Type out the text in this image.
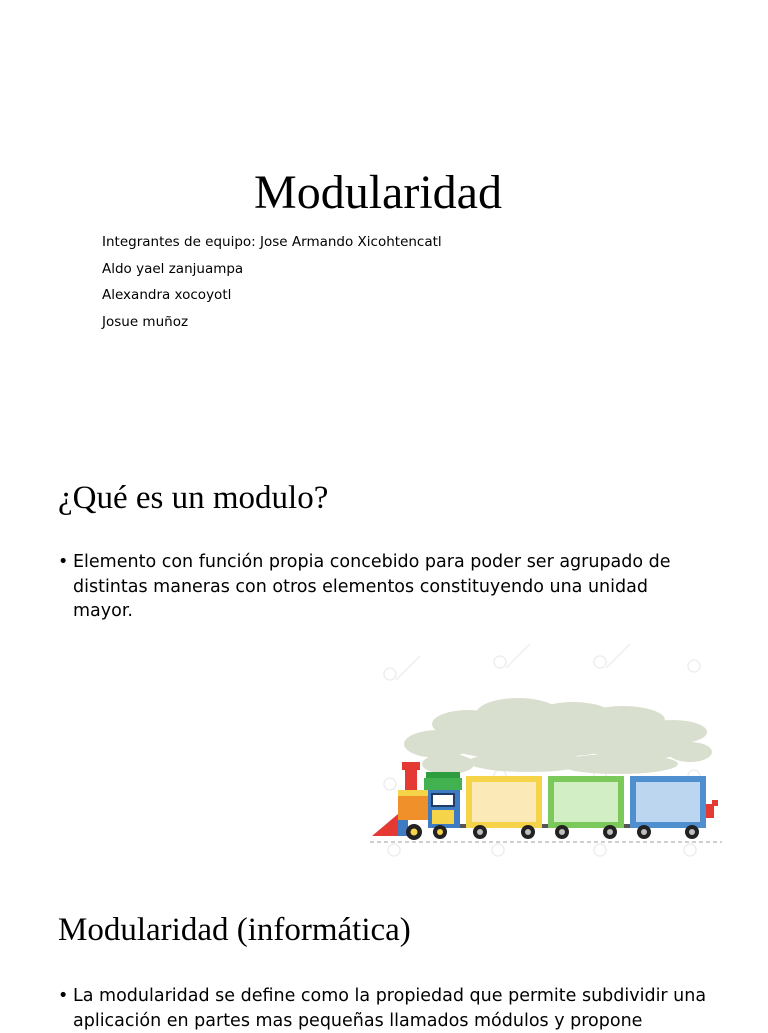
Modularidad
Integrantes de equipo: Jose Armando Xicohtencatl
Aldo yael zanjuampa
Alexandra xocoyotl
Josue muñoz
¿Qué es un modulo?
• Elemento con función propia concebido para poder ser agrupado de distintas maneras con otros elementos constituyendo una unidad mayor.
Modularidad (informática)
• La modularidad se define como la propiedad que permite subdividir una aplicación en partes mas pequeñas llamados módulos y propone
